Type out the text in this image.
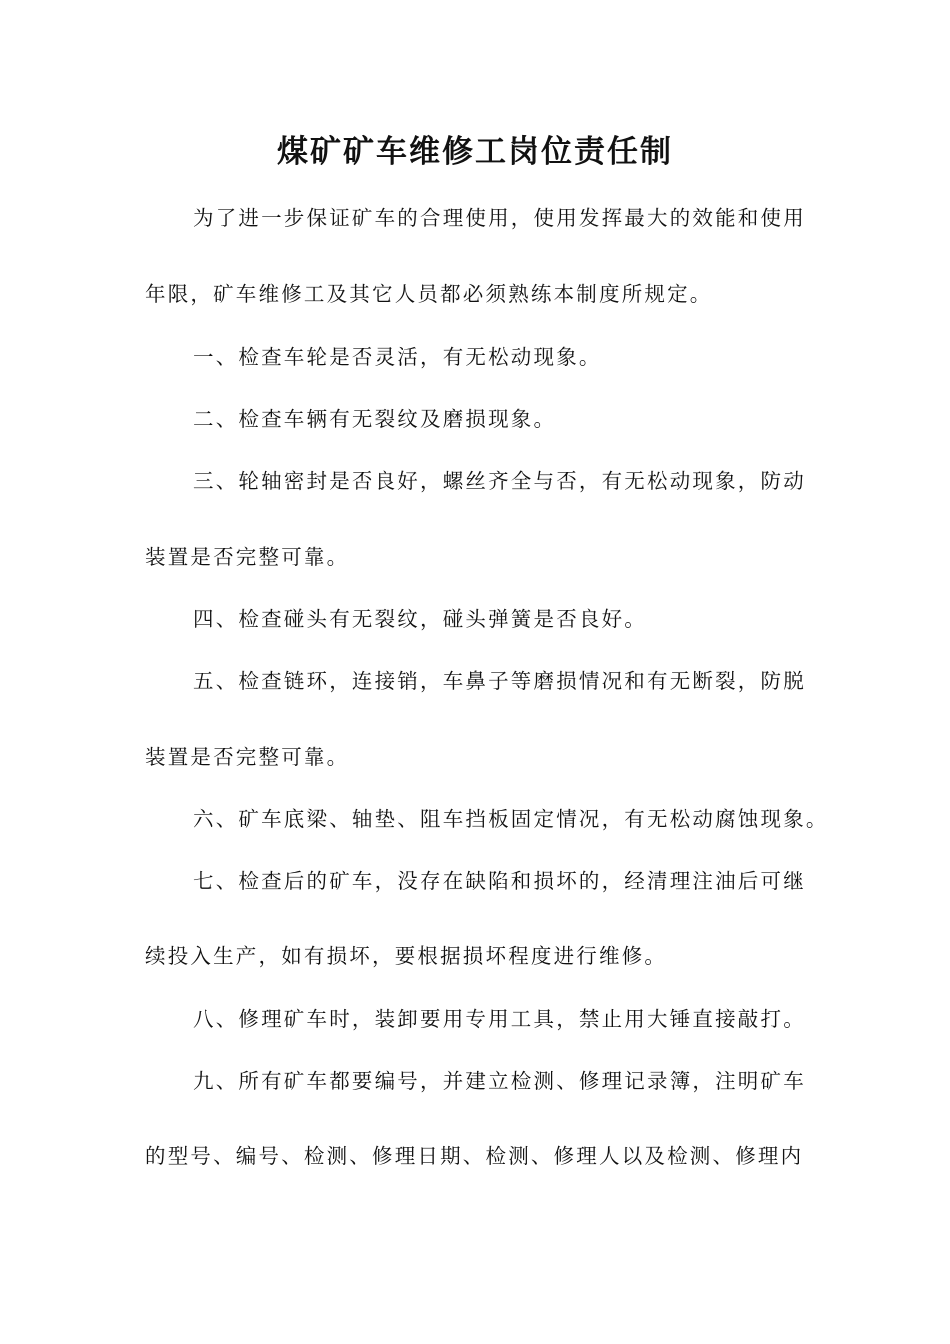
煤矿矿车维修工岗位责任制
为了进一步保证矿车的合理使用，使用发挥最大的效能和使用
年限，矿车维修工及其它人员都必须熟练本制度所规定。
一、检查车轮是否灵活，有无松动现象。
二、检查车辆有无裂纹及磨损现象。
三、轮轴密封是否良好，螺丝齐全与否，有无松动现象，防动
装置是否完整可靠。
四、检查碰头有无裂纹，碰头弹簧是否良好。
五、检查链环，连接销，车鼻子等磨损情况和有无断裂，防脱
装置是否完整可靠。
六、矿车底梁、轴垫、阻车挡板固定情况，有无松动腐蚀现象。
七、检查后的矿车，没存在缺陷和损坏的，经清理注油后可继
续投入生产，如有损坏，要根据损坏程度进行维修。
八、修理矿车时，装卸要用专用工具，禁止用大锤直接敲打。
九、所有矿车都要编号，并建立检测、修理记录簿，注明矿车
的型号、编号、检测、修理日期、检测、修理人以及检测、修理内
